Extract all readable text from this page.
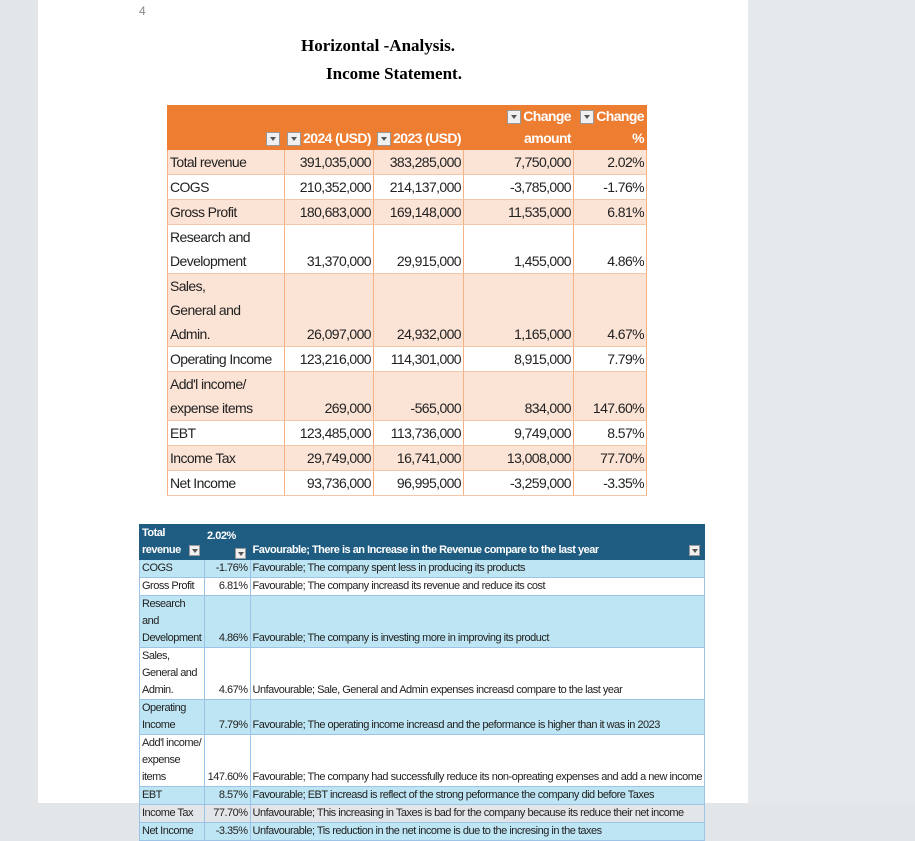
4
Horizontal -Analysis.
Income Statement.
	2024 (USD)	2023 (USD)	Change amount	Change %
Total revenue	391,035,000	383,285,000	7,750,000	2.02%
COGS	210,352,000	214,137,000	-3,785,000	-1.76%
Gross Profit	180,683,000	169,148,000	11,535,000	6.81%
Research and
Development	31,370,000	29,915,000	1,455,000	4.86%
Sales,
General and
Admin.	26,097,000	24,932,000	1,165,000	4.67%
Operating Income	123,216,000	114,301,000	8,915,000	7.79%
Add'l income/
expense items	269,000	-565,000	834,000	147.60%
EBT	123,485,000	113,736,000	9,749,000	8.57%
Income Tax	29,749,000	16,741,000	13,008,000	77.70%
Net Income	93,736,000	96,995,000	-3,259,000	-3.35%
Total revenue	2.02%	Favourable; There is an Increase in the Revenue compare to the last year

COGS	-1.76%	Favourable; The company spent less in producing its products
Gross Profit	6.81%	Favourable; The company increasd its revenue and reduce its cost
Research
and
Development	4.86%	Favourable; The company is investing more in improving its product
Sales,
General and
Admin.	4.67%	Unfavourable; Sale, General and Admin expenses increasd compare to the last year
Operating Income	7.79%	Favourable; The operating income increasd and the peformance is higher than it was in 2023
Add'l income/
expense items	147.60%	Favourable; The company had successfully reduce its non-opreating expenses and add a new income
EBT	8.57%	Favourable; EBT increasd is reflect of the strong peformance the company did before Taxes
Income Tax	77.70%	Unfavourable; This increasing in Taxes is bad for the company because its reduce their net income
Net Income	-3.35%	Unfavourable; Tis reduction in the net income is due to the incresing in the taxes
